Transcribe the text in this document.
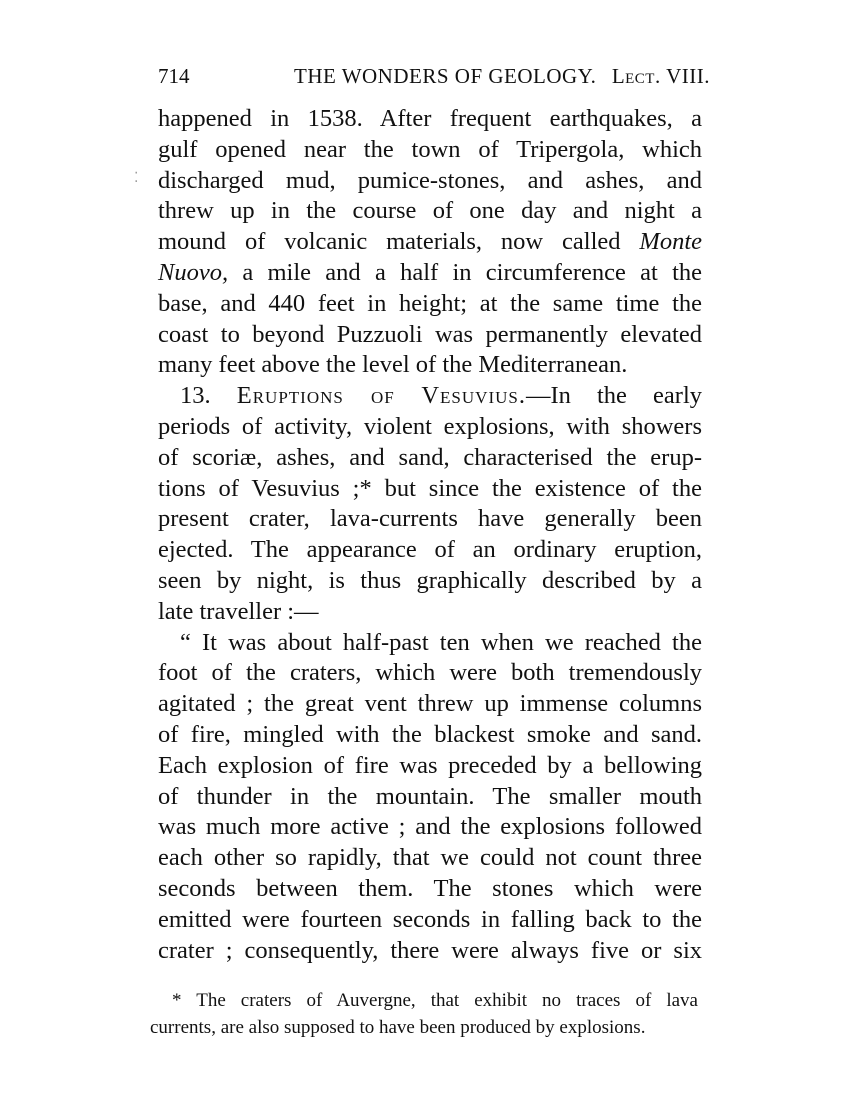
714	THE WONDERS OF GEOLOGY. Lect. VIII.
⁚
happened in 1538. After frequent earthquakes, a
gulf opened near the town of Tripergola, which
discharged mud, pumice-stones, and ashes, and
threw up in the course of one day and night a
mound of volcanic materials, now called Monte
Nuovo, a mile and a half in circumference at the
base, and 440 feet in height; at the same time the
coast to beyond Puzzuoli was permanently elevated
many feet above the level of the Mediterranean.
13. Eruptions of Vesuvius.—In the early
periods of activity, violent explosions, with showers
of scoriæ, ashes, and sand, characterised the erup-
tions of Vesuvius ;* but since the existence of the
present crater, lava-currents have generally been
ejected. The appearance of an ordinary eruption,
seen by night, is thus graphically described by a
late traveller :—
“ It was about half-past ten when we reached the
foot of the craters, which were both tremendously
agitated ; the great vent threw up immense columns
of fire, mingled with the blackest smoke and sand.
Each explosion of fire was preceded by a bellowing
of thunder in the mountain. The smaller mouth
was much more active ; and the explosions followed
each other so rapidly, that we could not count three
seconds between them. The stones which were
emitted were fourteen seconds in falling back to the
crater ; consequently, there were always five or six
* The craters of Auvergne, that exhibit no traces of lava
currents, are also supposed to have been produced by explosions.
